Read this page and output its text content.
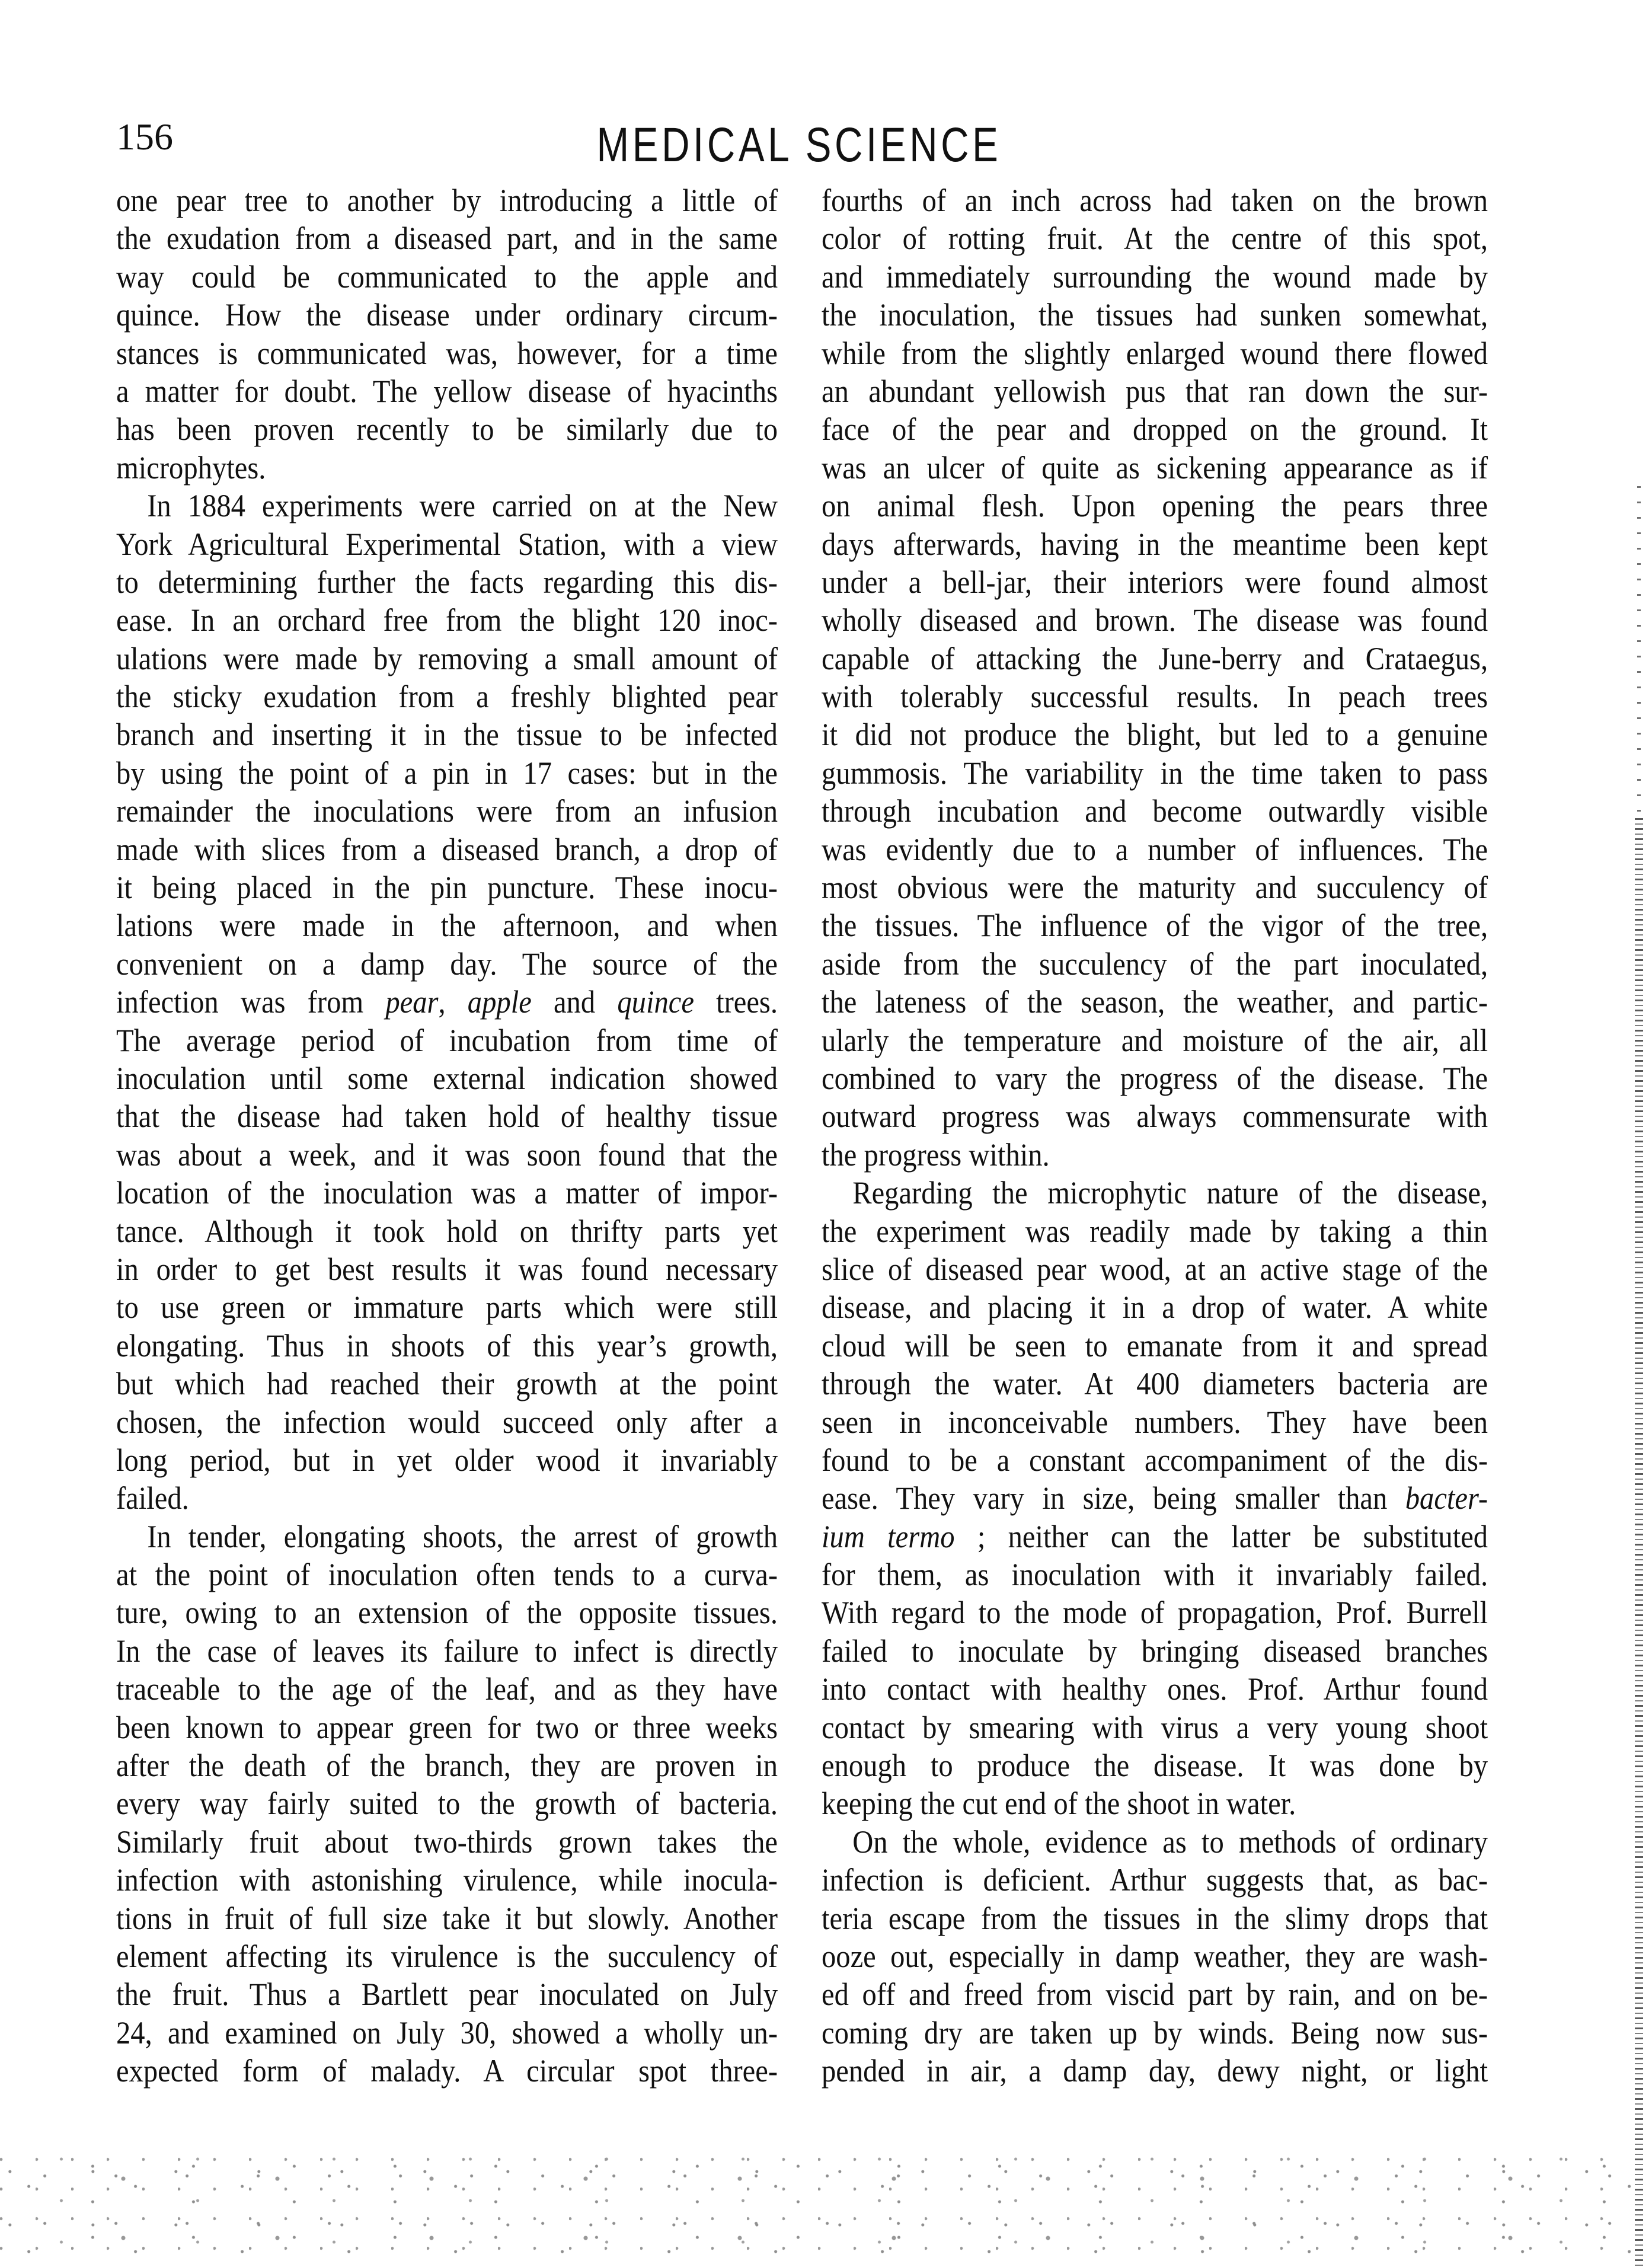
156	MEDICAL SCIENCE
one pear tree to another by introducing a little of
the exudation from a diseased part, and in the same
way could be communicated to the apple and
quince. How the disease under ordinary circum-
stances is communicated was, however, for a time
a matter for doubt. The yellow disease of hyacinths
has been proven recently to be similarly due to
microphytes.
In 1884 experiments were carried on at the New
York Agricultural Experimental Station, with a view
to determining further the facts regarding this dis-
ease. In an orchard free from the blight 120 inoc-
ulations were made by removing a small amount of
the sticky exudation from a freshly blighted pear
branch and inserting it in the tissue to be infected
by using the point of a pin in 17 cases: but in the
remainder the inoculations were from an infusion
made with slices from a diseased branch, a drop of
it being placed in the pin puncture. These inocu-
lations were made in the afternoon, and when
convenient on a damp day. The source of the
infection was from pear, apple and quince trees.
The average period of incubation from time of
inoculation until some external indication showed
that the disease had taken hold of healthy tissue
was about a week, and it was soon found that the
location of the inoculation was a matter of impor-
tance. Although it took hold on thrifty parts yet
in order to get best results it was found necessary
to use green or immature parts which were still
elongating. Thus in shoots of this year’s growth,
but which had reached their growth at the point
chosen, the infection would succeed only after a
long period, but in yet older wood it invariably
failed.
In tender, elongating shoots, the arrest of growth
at the point of inoculation often tends to a curva-
ture, owing to an extension of the opposite tissues.
In the case of leaves its failure to infect is directly
traceable to the age of the leaf, and as they have
been known to appear green for two or three weeks
after the death of the branch, they are proven in
every way fairly suited to the growth of bacteria.
Similarly fruit about two-thirds grown takes the
infection with astonishing virulence, while inocula-
tions in fruit of full size take it but slowly. Another
element affecting its virulence is the succulency of
the fruit. Thus a Bartlett pear inoculated on July
24, and examined on July 30, showed a wholly un-
expected form of malady. A circular spot three-
fourths of an inch across had taken on the brown
color of rotting fruit. At the centre of this spot,
and immediately surrounding the wound made by
the inoculation, the tissues had sunken somewhat,
while from the slightly enlarged wound there flowed
an abundant yellowish pus that ran down the sur-
face of the pear and dropped on the ground. It
was an ulcer of quite as sickening appearance as if
on animal flesh. Upon opening the pears three
days afterwards, having in the meantime been kept
under a bell-jar, their interiors were found almost
wholly diseased and brown. The disease was found
capable of attacking the June-berry and Crataegus,
with tolerably successful results. In peach trees
it did not produce the blight, but led to a genuine
gummosis. The variability in the time taken to pass
through incubation and become outwardly visible
was evidently due to a number of influences. The
most obvious were the maturity and succulency of
the tissues. The influence of the vigor of the tree,
aside from the succulency of the part inoculated,
the lateness of the season, the weather, and partic-
ularly the temperature and moisture of the air, all
combined to vary the progress of the disease. The
outward progress was always commensurate with
the progress within.
Regarding the microphytic nature of the disease,
the experiment was readily made by taking a thin
slice of diseased pear wood, at an active stage of the
disease, and placing it in a drop of water. A white
cloud will be seen to emanate from it and spread
through the water. At 400 diameters bacteria are
seen in inconceivable numbers. They have been
found to be a constant accompaniment of the dis-
ease. They vary in size, being smaller than bacter-
ium termo ; neither can the latter be substituted
for them, as inoculation with it invariably failed.
With regard to the mode of propagation, Prof. Burrell
failed to inoculate by bringing diseased branches
into contact with healthy ones. Prof. Arthur found
contact by smearing with virus a very young shoot
enough to produce the disease. It was done by
keeping the cut end of the shoot in water.
On the whole, evidence as to methods of ordinary
infection is deficient. Arthur suggests that, as bac-
teria escape from the tissues in the slimy drops that
ooze out, especially in damp weather, they are wash-
ed off and freed from viscid part by rain, and on be-
coming dry are taken up by winds. Being now sus-
pended in air, a damp day, dewy night, or light
